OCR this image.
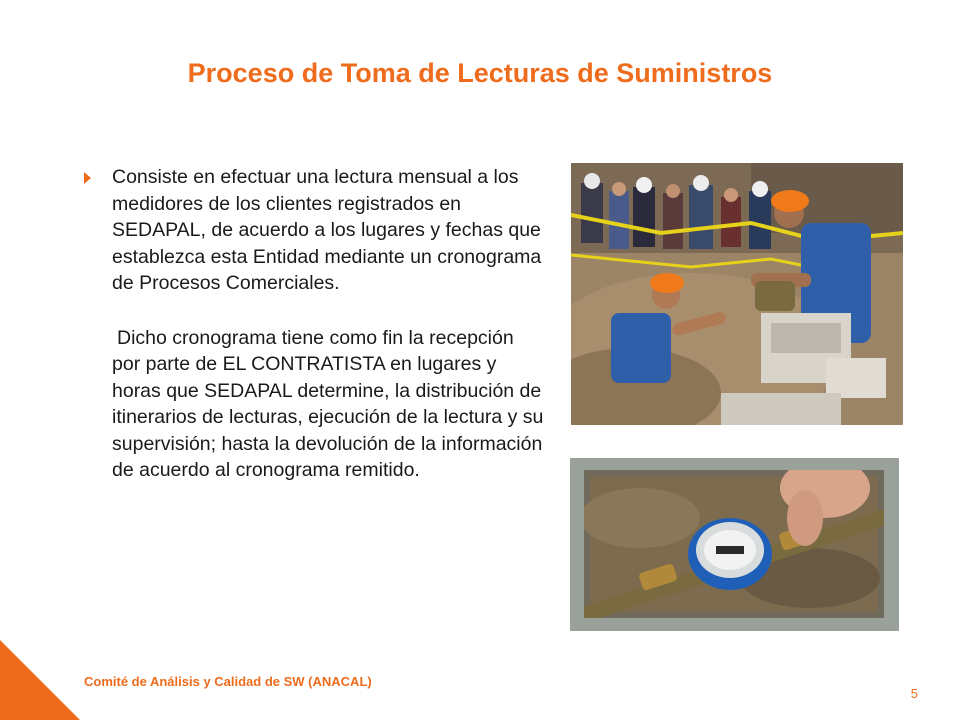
Proceso de Toma de Lecturas de Suministros
Consiste en efectuar una lectura mensual a los medidores de los clientes registrados en SEDAPAL, de acuerdo a los lugares y fechas que establezca esta Entidad mediante un cronograma de Procesos Comerciales.
Dicho cronograma tiene como fin la recepción por parte de EL CONTRATISTA en lugares y horas que SEDAPAL determine, la distribución de itinerarios de lecturas, ejecución de la lectura y su supervisión; hasta la devolución de la información de acuerdo al cronograma remitido.
Comité de Análisis y Calidad de SW (ANACAL)
5
